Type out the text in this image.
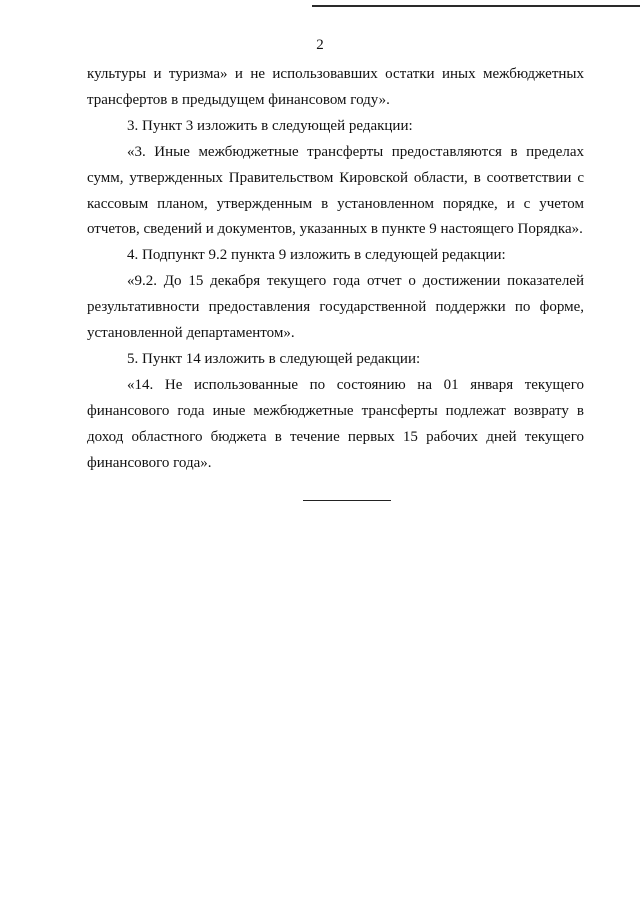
2

культуры и туризма» и не использовавших остатки иных межбюджетных трансфертов в предыдущем финансовом году».

3. Пункт 3 изложить в следующей редакции:

«3. Иные межбюджетные трансферты предоставляются в пределах сумм, утвержденных Правительством Кировской области, в соответствии с кассовым планом, утвержденным в установленном порядке, и с учетом отчетов, сведений и документов, указанных в пункте 9 настоящего Порядка».

4. Подпункт 9.2 пункта 9 изложить в следующей редакции:

«9.2. До 15 декабря текущего года отчет о достижении показателей результативности предоставления государственной поддержки по форме, установленной департаментом».

5. Пункт 14 изложить в следующей редакции:

«14. Не использованные по состоянию на 01 января текущего финансового года иные межбюджетные трансферты подлежат возврату в доход областного бюджета в течение первых 15 рабочих дней текущего финансового года».
